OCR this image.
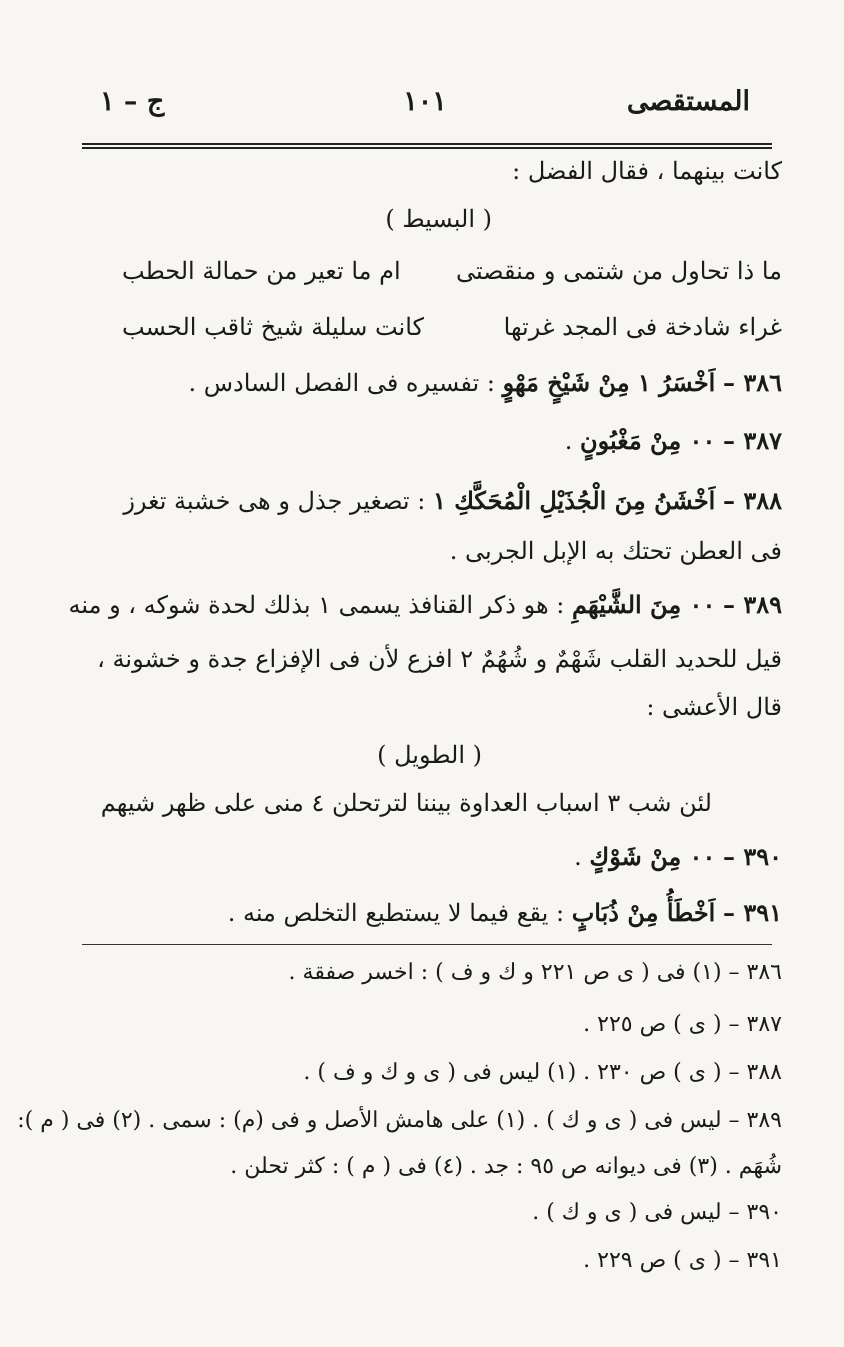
المستقصى
١٠١
ج – ١
كانت بينهما ، فقال الفضل :
( البسيط )
ما ذا تحاول من شتمى و منقصتى
ام ما تعير من حمالة الحطب
غراء شادخة فى المجد غرتها
كانت سليلة شيخ ثاقب الحسب
٣٨٦ – اَخْسَرُ ١ مِنْ شَيْخٍ مَهْوٍ : تفسيره فى الفصل السادس .
٣٨٧ – ٠٠ مِنْ مَغْبُونٍ .
٣٨٨ – اَخْشَنُ مِنَ الْجُذَيْلِ الْمُحَكَّكِ ١ : تصغير جذل و هى خشبة تغرز
فى العطن تحتك به الإبل الجربى .
٣٨٩ – ٠٠ مِنَ الشَّيْهَمِ : هو ذكر القنافذ يسمى ١ بذلك لحدة شوكه ، و منه
قيل للحديد القلب شَهْمٌ و شُهُمٌ ٢ افزع لأن فى الإفزاع جدة و خشونة ،
قال الأعشى :
( الطويل )
لئن شب ٣ اسباب العداوة بيننا لترتحلن ٤ منى على ظهر شيهم
٣٩٠ – ٠٠ مِنْ شَوْكٍ .
٣٩١ – اَخْطَأُ مِنْ ذُبَابٍ : يقع فيما لا يستطيع التخلص منه .
٣٨٦ – (١) فى ( ى ص ٢٢١ و ك و ف ) : اخسر صفقة .
٣٨٧ – ( ى ) ص ٢٢٥ .
٣٨٨ – ( ى ) ص ٢٣٠ . (١) ليس فى ( ى و ك و ف ) .
٣٨٩ – ليس فى ( ى و ك ) . (١) على هامش الأصل و فى (م) : سمى . (٢) فى ( م ):
شُهَم . (٣) فى ديوانه ص ٩٥ : جد . (٤) فى ( م ) : كثر تحلن .
٣٩٠ – ليس فى ( ى و ك ) .
٣٩١ – ( ى ) ص ٢٢٩ .
